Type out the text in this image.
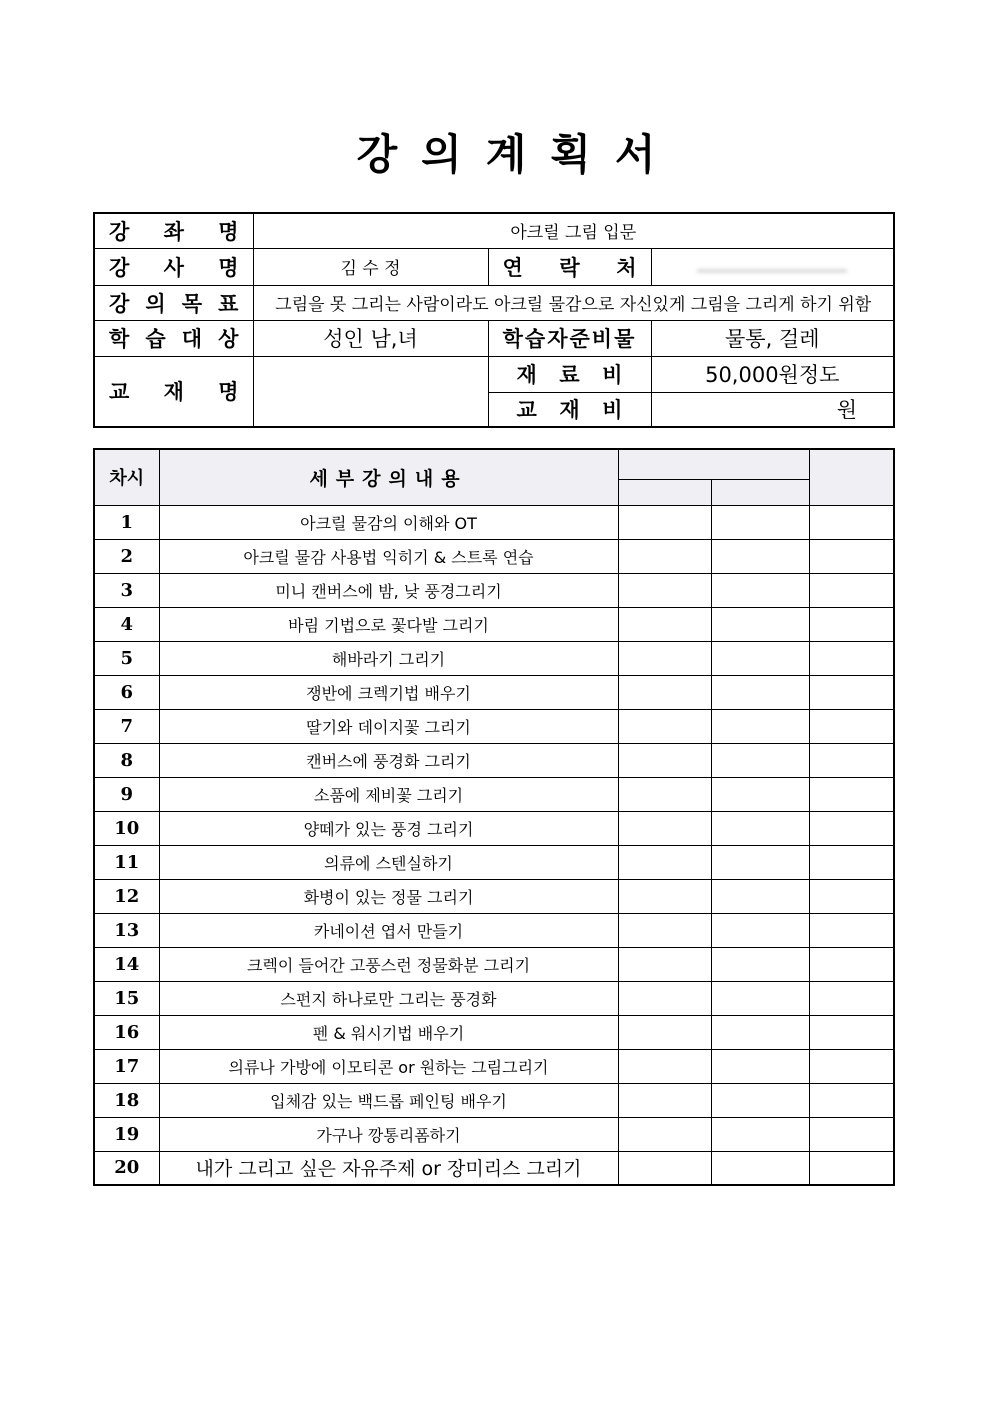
강의계획서
강 좌 명	아크릴 그림 입문		

강 사 명	김 수 정	연 락 처	

강 의 목 표	그림을 못 그리는 사람이라도 아크릴 물감으로 자신있게 그림을 그리게 하기 위함		

학 습 대 상	성인 남,녀	학습자준비물	물통, 걸레

교 재 명		재 료 비	50,000원정도

		교 재 비	원
차시	세부강의내용			

1	아크릴 물감의 이해와 OT			
2	아크릴 물감 사용법 익히기 & 스트록 연습			
3	미니 캔버스에 밤, 낮 풍경그리기			
4	바림 기법으로 꽃다발 그리기			
5	해바라기 그리기			
6	쟁반에 크렉기법 배우기			
7	딸기와 데이지꽃 그리기			
8	캔버스에 풍경화 그리기			
9	소품에 제비꽃 그리기			
10	양떼가 있는 풍경 그리기			
11	의류에 스텐실하기			
12	화병이 있는 정물 그리기			
13	카네이션 엽서 만들기			
14	크렉이 들어간 고풍스런 정물화분 그리기			
15	스펀지 하나로만 그리는 풍경화			
16	펜 & 워시기법 배우기			
17	의류나 가방에 이모티콘 or 원하는 그림그리기			
18	입체감 있는 백드롭 페인팅 배우기			
19	가구나 깡통리폼하기			
20	내가 그리고 싶은 자유주제 or 장미리스 그리기			
